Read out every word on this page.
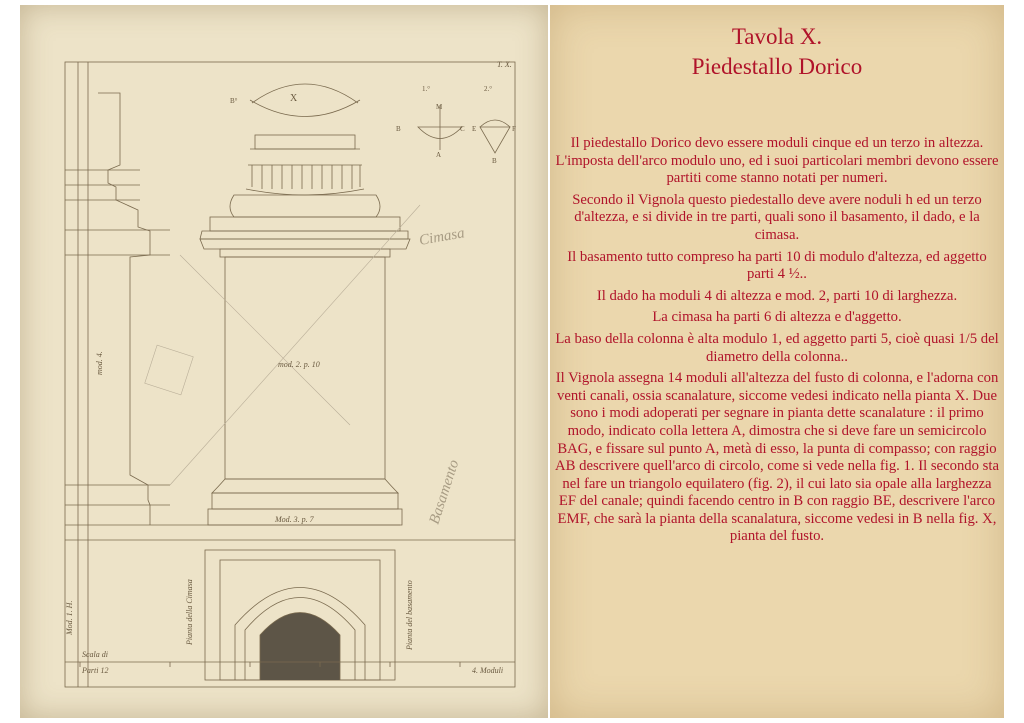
T. X.
X
B°
1.°	2.°
M
B	C E	F
A
B
mod. 2. p. 10
Mod. 3. p. 7
mod. 4.
Mod. 1. H.	Pianta della Cimasa	Pianta del basamento
Scala di
Parti 12	4. Moduli
Cimasa
Basamento
Tavola X.
Piedestallo Dorico

Il piedestallo Dorico devo essere moduli cinque ed un terzo in altezza. L'imposta dell'arco modulo uno, ed i suoi particolari membri devono essere partiti come stanno notati per numeri.

Secondo il Vignola questo piedestallo deve avere noduli h ed un terzo d'altezza, e si divide in tre parti, quali sono il basamento, il dado, e la cimasa.

Il basamento tutto compreso ha parti 10 di modulo d'altezza, ed aggetto parti 4 ½..

Il dado ha moduli 4 di altezza e mod. 2, parti 10 di larghezza.

La cimasa ha parti 6 di altezza e d'aggetto.

La baso della colonna è alta modulo 1, ed aggetto parti 5, cioè quasi 1/5 del diametro della colonna..

Il Vignola assegna 14 moduli all'altezza del fusto di colonna, e l'adorna con venti canali, ossia scanalature, siccome vedesi indicato nella pianta X. Due sono i modi adoperati per segnare in pianta dette scanalature : il primo modo, indicato colla lettera A, dimostra che si deve fare un semicircolo BAG, e fissare sul punto A, metà di esso, la punta di compasso; con raggio AB descrivere quell'arco di circolo, come si vede nella fig. 1. Il secondo sta nel fare un triangolo equilatero (fig. 2), il cui lato sia opale alla larghezza EF del canale; quindi facendo centro in B con raggio BE, descrivere l'arco EMF, che sarà la pianta della scanalatura, siccome vedesi in B nella fig. X, pianta del fusto.
